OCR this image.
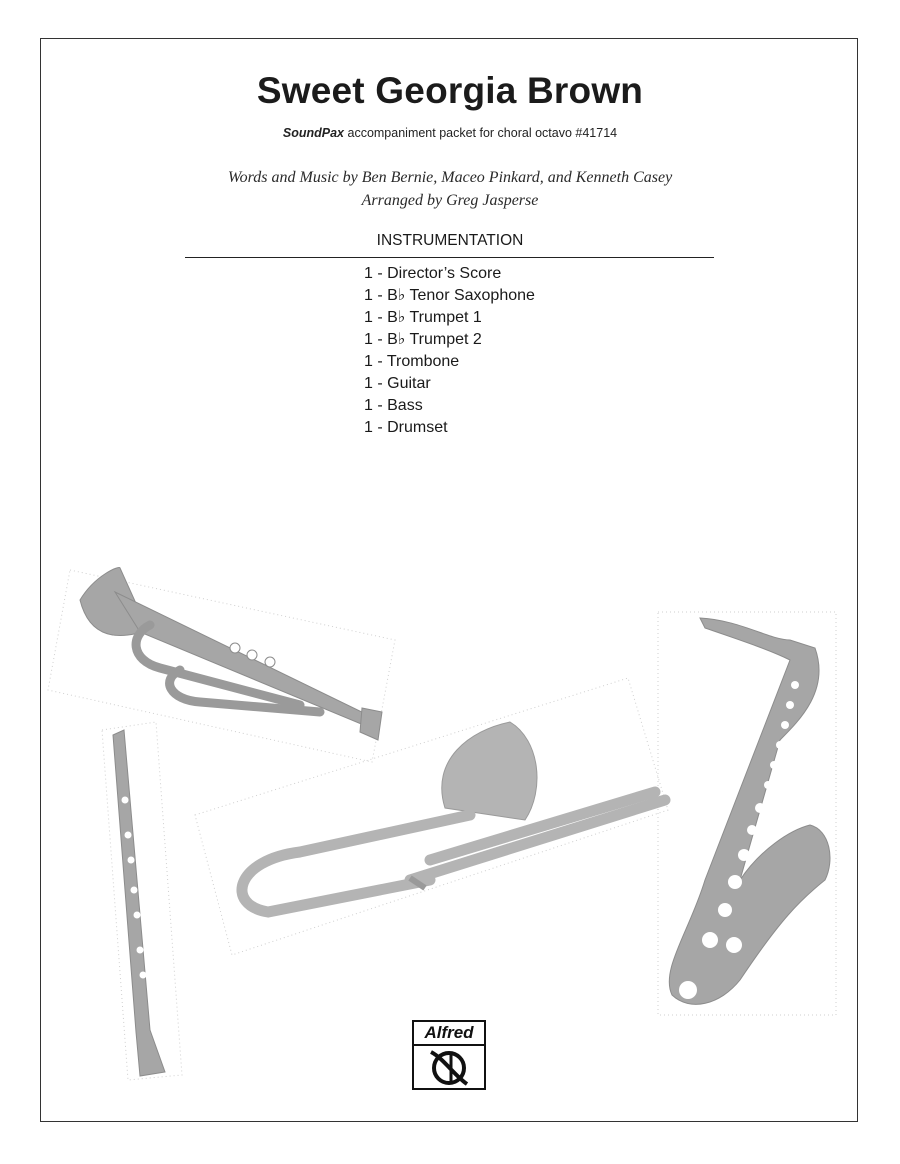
Sweet Georgia Brown
SoundPax accompaniment packet for choral octavo #41714
Words and Music by Ben Bernie, Maceo Pinkard, and Kenneth Casey
Arranged by Greg Jasperse
INSTRUMENTATION
1 - Director’s Score
1 - B♭ Tenor Saxophone
1 - B♭ Trumpet 1
1 - B♭ Trumpet 2
1 - Trombone
1 - Guitar
1 - Bass
1 - Drumset
Alfred
